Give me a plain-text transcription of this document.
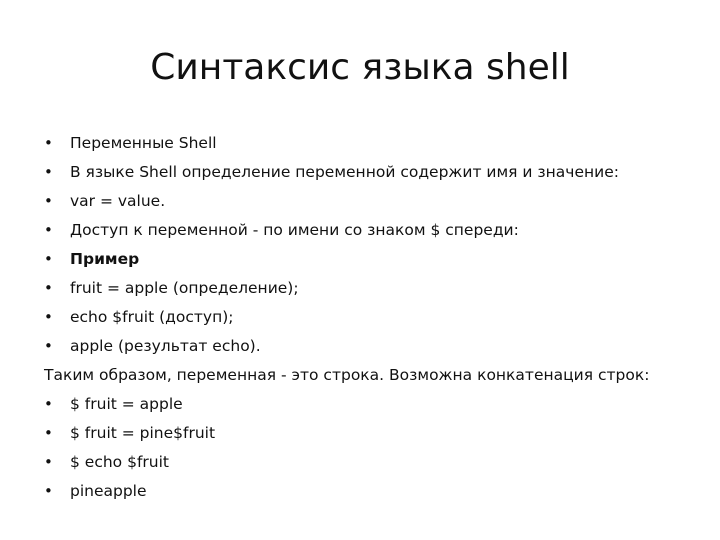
Синтаксис языка shell
•	Переменные Shell
•	В языке Shell определение переменной содержит имя и значение:
•	var = value.
•	Доступ к переменной - по имени со знаком $ спереди:
•	Пример
•	fruit = apple (определение);
•	echo $fruit (доступ);
•	apple (результат echo).
Таким образом, переменная - это строка. Возможна конкатенация строк:
•	$ fruit = apple
•	$ fruit = pine$fruit
•	$ echo $fruit
•	pineapple
